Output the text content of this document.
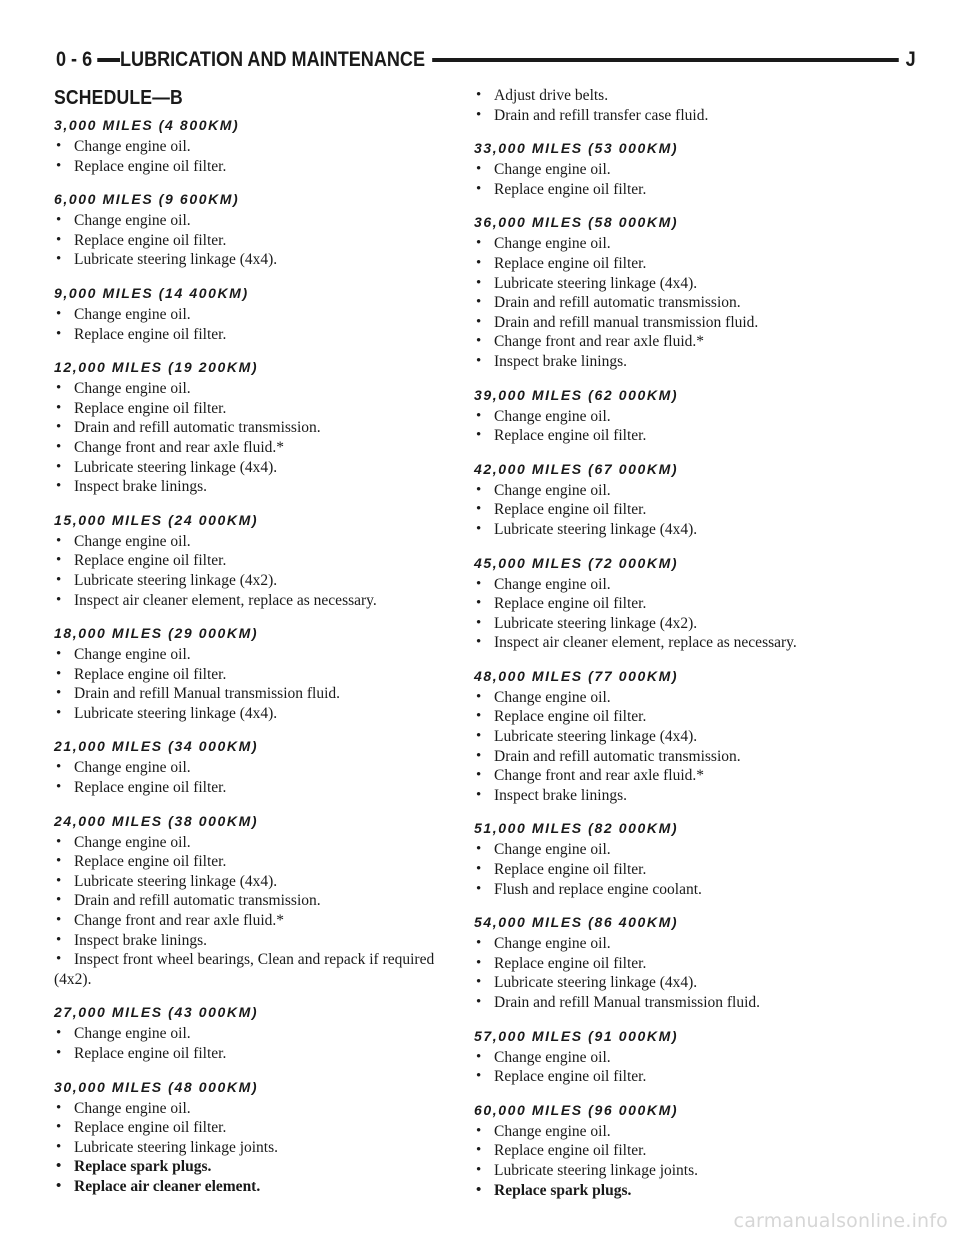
0 - 6 LUBRICATION AND MAINTENANCE	J
SCHEDULE—B
3,000 MILES (4 800KM)
• Change engine oil.
• Replace engine oil filter.
6,000 MILES (9 600KM)
• Change engine oil.
• Replace engine oil filter.
• Lubricate steering linkage (4x4).
9,000 MILES (14 400KM)
• Change engine oil.
• Replace engine oil filter.
12,000 MILES (19 200KM)
• Change engine oil.
• Replace engine oil filter.
• Drain and refill automatic transmission.
• Change front and rear axle fluid.*
• Lubricate steering linkage (4x4).
• Inspect brake linings.
15,000 MILES (24 000KM)
• Change engine oil.
• Replace engine oil filter.
• Lubricate steering linkage (4x2).
• Inspect air cleaner element, replace as necessary.
18,000 MILES (29 000KM)
• Change engine oil.
• Replace engine oil filter.
• Drain and refill Manual transmission fluid.
• Lubricate steering linkage (4x4).
21,000 MILES (34 000KM)
• Change engine oil.
• Replace engine oil filter.
24,000 MILES (38 000KM)
• Change engine oil.
• Replace engine oil filter.
• Lubricate steering linkage (4x4).
• Drain and refill automatic transmission.
• Change front and rear axle fluid.*
• Inspect brake linings.
• Inspect front wheel bearings, Clean and repack if required (4x2).
27,000 MILES (43 000KM)
• Change engine oil.
• Replace engine oil filter.
30,000 MILES (48 000KM)
• Change engine oil.
• Replace engine oil filter.
• Lubricate steering linkage joints.
• Replace spark plugs.
• Replace air cleaner element.
• Adjust drive belts.
• Drain and refill transfer case fluid.
33,000 MILES (53 000KM)
• Change engine oil.
• Replace engine oil filter.
36,000 MILES (58 000KM)
• Change engine oil.
• Replace engine oil filter.
• Lubricate steering linkage (4x4).
• Drain and refill automatic transmission.
• Drain and refill manual transmission fluid.
• Change front and rear axle fluid.*
• Inspect brake linings.
39,000 MILES (62 000KM)
• Change engine oil.
• Replace engine oil filter.
42,000 MILES (67 000KM)
• Change engine oil.
• Replace engine oil filter.
• Lubricate steering linkage (4x4).
45,000 MILES (72 000KM)
• Change engine oil.
• Replace engine oil filter.
• Lubricate steering linkage (4x2).
• Inspect air cleaner element, replace as necessary.
48,000 MILES (77 000KM)
• Change engine oil.
• Replace engine oil filter.
• Lubricate steering linkage (4x4).
• Drain and refill automatic transmission.
• Change front and rear axle fluid.*
• Inspect brake linings.
51,000 MILES (82 000KM)
• Change engine oil.
• Replace engine oil filter.
• Flush and replace engine coolant.
54,000 MILES (86 400KM)
• Change engine oil.
• Replace engine oil filter.
• Lubricate steering linkage (4x4).
• Drain and refill Manual transmission fluid.
57,000 MILES (91 000KM)
• Change engine oil.
• Replace engine oil filter.
60,000 MILES (96 000KM)
• Change engine oil.
• Replace engine oil filter.
• Lubricate steering linkage joints.
• Replace spark plugs.
carmanualsonline.info
